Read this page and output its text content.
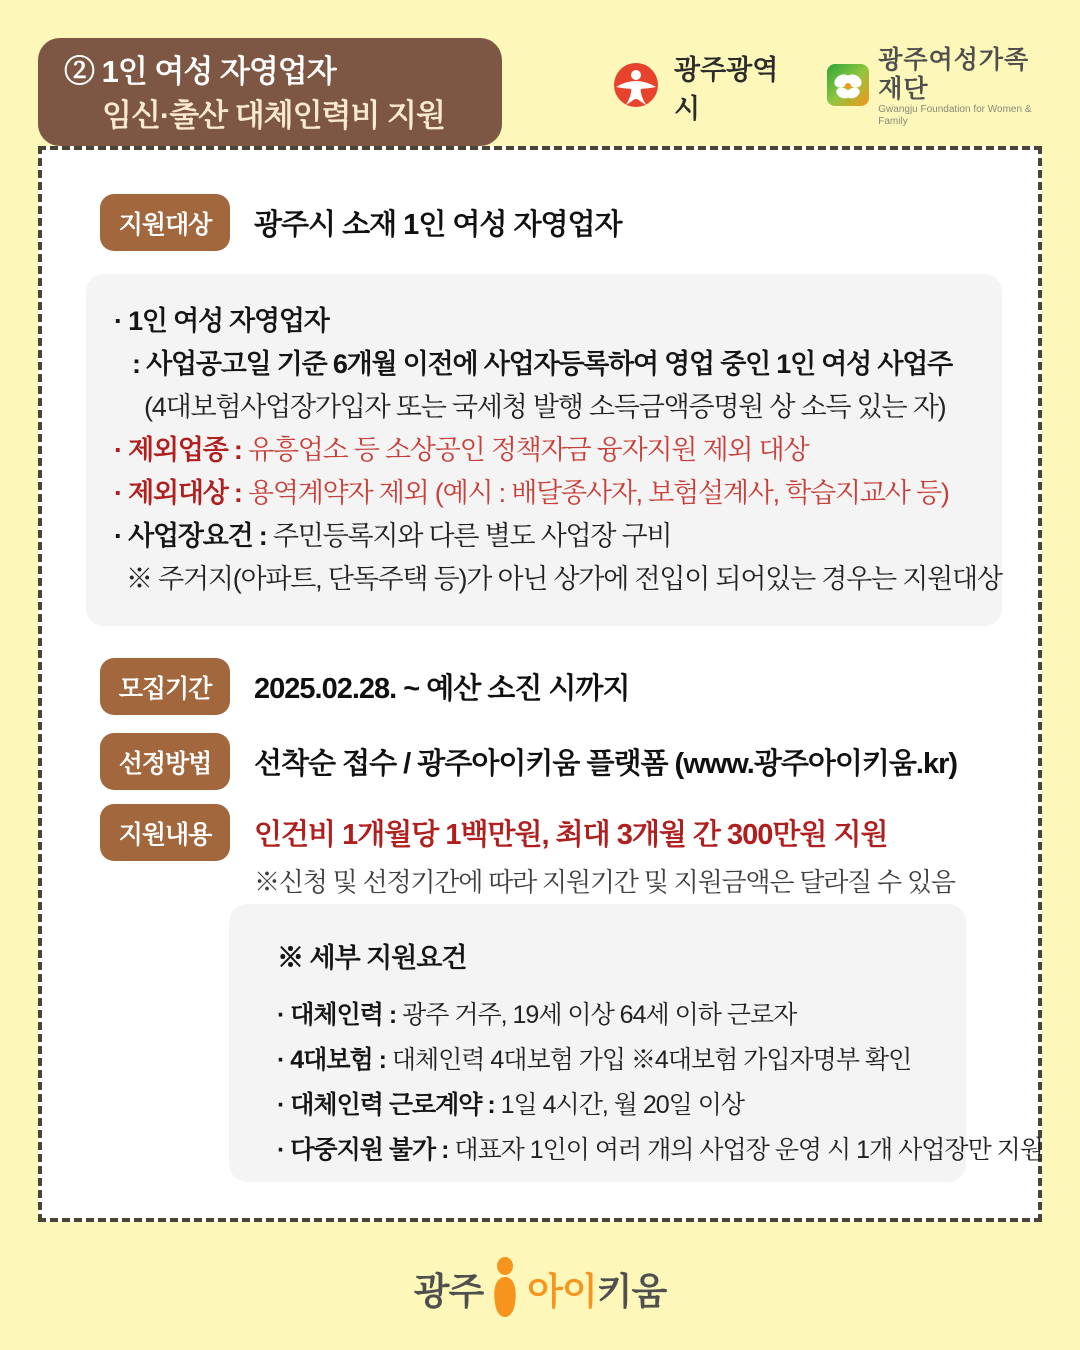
② 1인 여성 자영업자
임신·출산 대체인력비 지원
광주광역시
광주여성가족재단
Gwangju Foundation for Women & Family
지원대상	광주시 소재 1인 여성 자영업자
· 1인 여성 자영업자
: 사업공고일 기준 6개월 이전에 사업자등록하여 영업 중인 1인 여성 사업주
(4대보험사업장가입자 또는 국세청 발행 소득금액증명원 상 소득 있는 자)
· 제외업종 : 유흥업소 등 소상공인 정책자금 융자지원 제외 대상
· 제외대상 : 용역계약자 제외 (예시 : 배달종사자, 보험설계사, 학습지교사 등)
· 사업장요건 : 주민등록지와 다른 별도 사업장 구비
※ 주거지(아파트, 단독주택 등)가 아닌 상가에 전입이 되어있는 경우는 지원대상
모집기간	2025.02.28. ~ 예산 소진 시까지
선정방법	선착순 접수 / 광주아이키움 플랫폼 (www.광주아이키움.kr)
지원내용	인건비 1개월당 1백만원, 최대 3개월 간 300만원 지원
※신청 및 선정기간에 따라 지원기간 및 지원금액은 달라질 수 있음
※ 세부 지원요건
· 대체인력 : 광주 거주, 19세 이상 64세 이하 근로자
· 4대보험 : 대체인력 4대보험 가입 ※4대보험 가입자명부 확인
· 대체인력 근로계약 : 1일 4시간, 월 20일 이상
· 다중지원 불가 : 대표자 1인이 여러 개의 사업장 운영 시 1개 사업장만 지원
광주 아이 키움
